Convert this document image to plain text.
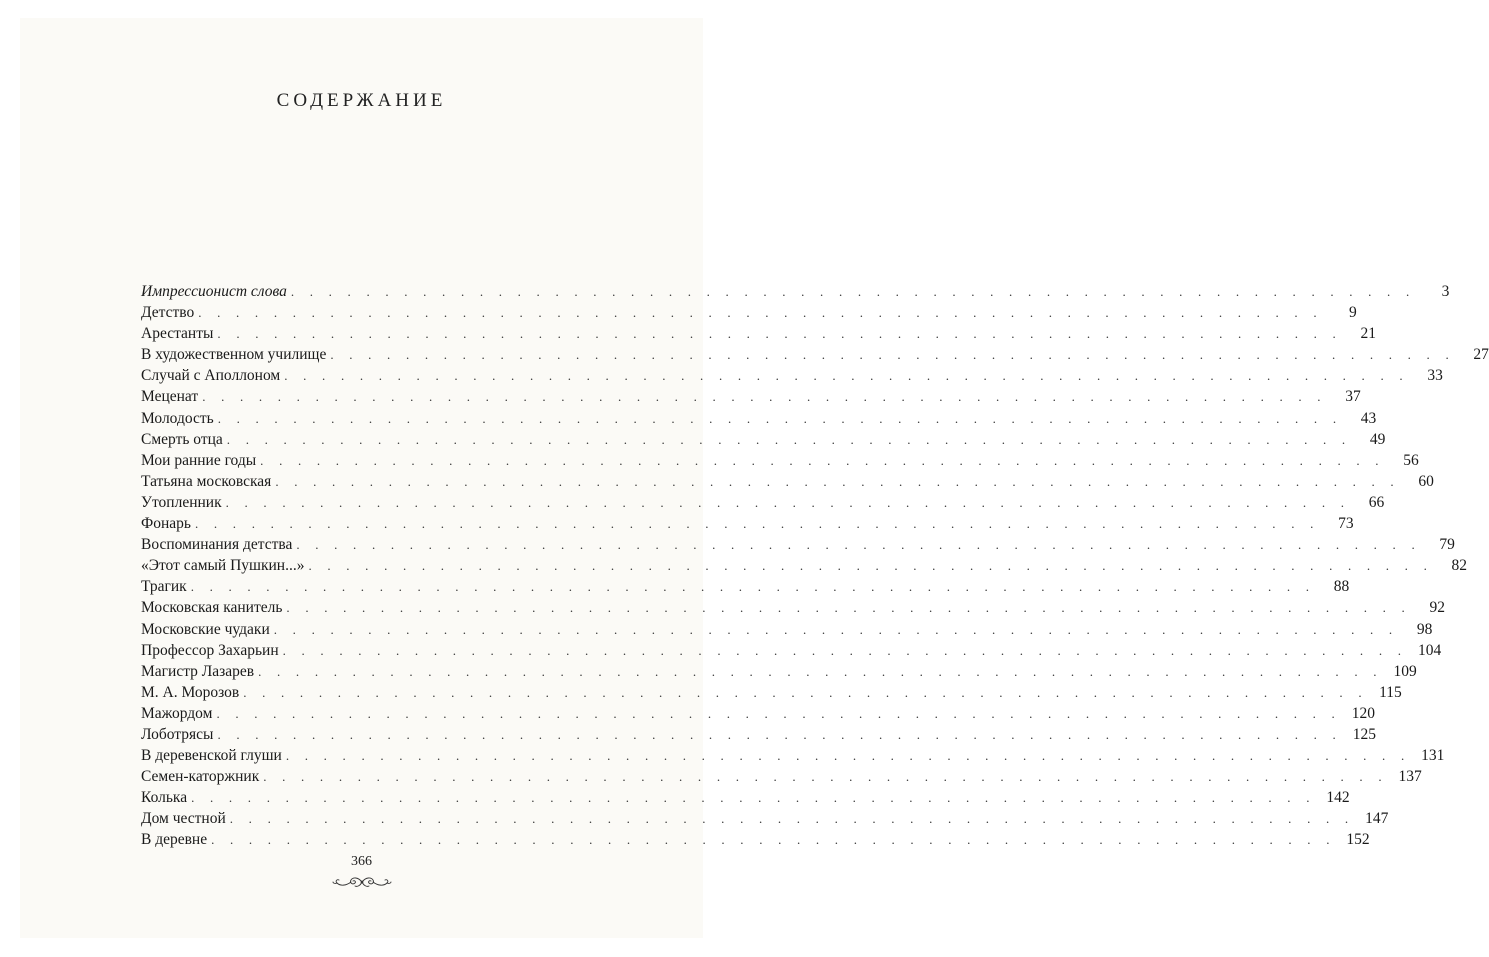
СОДЕРЖАНИЕ
Импрессионист слова . . . . . . . . . . . . . . . . . . . . . . . . . . . . . . . . . . . . . . . . . . . . . . . . . . . . . . . . . . . .	3
Детство . . . . . . . . . . . . . . . . . . . . . . . . . . . . . . . . . . . . . . . . . . . . . . . . . . . . . . . . . . . .	9
Арестанты . . . . . . . . . . . . . . . . . . . . . . . . . . . . . . . . . . . . . . . . . . . . . . . . . . . . . . . . . . . .	21
В художественном училище . . . . . . . . . . . . . . . . . . . . . . . . . . . . . . . . . . . . . . . . . . . . . . . . . . . . . . . . . . . .	27
Случай с Аполлоном . . . . . . . . . . . . . . . . . . . . . . . . . . . . . . . . . . . . . . . . . . . . . . . . . . . . . . . . . . . .	33
Меценат . . . . . . . . . . . . . . . . . . . . . . . . . . . . . . . . . . . . . . . . . . . . . . . . . . . . . . . . . . . .	37
Молодость . . . . . . . . . . . . . . . . . . . . . . . . . . . . . . . . . . . . . . . . . . . . . . . . . . . . . . . . . . . .	43
Смерть отца . . . . . . . . . . . . . . . . . . . . . . . . . . . . . . . . . . . . . . . . . . . . . . . . . . . . . . . . . . . .	49
Мои ранние годы . . . . . . . . . . . . . . . . . . . . . . . . . . . . . . . . . . . . . . . . . . . . . . . . . . . . . . . . . . . .	56
Татьяна московская . . . . . . . . . . . . . . . . . . . . . . . . . . . . . . . . . . . . . . . . . . . . . . . . . . . . . . . . . . . .	60
Утопленник . . . . . . . . . . . . . . . . . . . . . . . . . . . . . . . . . . . . . . . . . . . . . . . . . . . . . . . . . . . .	66
Фонарь . . . . . . . . . . . . . . . . . . . . . . . . . . . . . . . . . . . . . . . . . . . . . . . . . . . . . . . . . . . .	73
Воспоминания детства . . . . . . . . . . . . . . . . . . . . . . . . . . . . . . . . . . . . . . . . . . . . . . . . . . . . . . . . . . . .	79
«Этот самый Пушкин...» . . . . . . . . . . . . . . . . . . . . . . . . . . . . . . . . . . . . . . . . . . . . . . . . . . . . . . . . . . . .	82
Трагик . . . . . . . . . . . . . . . . . . . . . . . . . . . . . . . . . . . . . . . . . . . . . . . . . . . . . . . . . . . .	88
Московская канитель . . . . . . . . . . . . . . . . . . . . . . . . . . . . . . . . . . . . . . . . . . . . . . . . . . . . . . . . . . . .	92
Московские чудаки . . . . . . . . . . . . . . . . . . . . . . . . . . . . . . . . . . . . . . . . . . . . . . . . . . . . . . . . . . . .	98
Профессор Захарьин . . . . . . . . . . . . . . . . . . . . . . . . . . . . . . . . . . . . . . . . . . . . . . . . . . . . . . . . . . . . 104
Магистр Лазарев . . . . . . . . . . . . . . . . . . . . . . . . . . . . . . . . . . . . . . . . . . . . . . . . . . . . . . . . . . . . 109
М. А. Морозов . . . . . . . . . . . . . . . . . . . . . . . . . . . . . . . . . . . . . . . . . . . . . . . . . . . . . . . . . . . . 115
Мажордом . . . . . . . . . . . . . . . . . . . . . . . . . . . . . . . . . . . . . . . . . . . . . . . . . . . . . . . . . . . . 120
Лоботрясы . . . . . . . . . . . . . . . . . . . . . . . . . . . . . . . . . . . . . . . . . . . . . . . . . . . . . . . . . . . . 125
В деревенской глуши . . . . . . . . . . . . . . . . . . . . . . . . . . . . . . . . . . . . . . . . . . . . . . . . . . . . . . . . . . . . 131
Семен-каторжник . . . . . . . . . . . . . . . . . . . . . . . . . . . . . . . . . . . . . . . . . . . . . . . . . . . . . . . . . . . . 137
Колька . . . . . . . . . . . . . . . . . . . . . . . . . . . . . . . . . . . . . . . . . . . . . . . . . . . . . . . . . . . . 142
Дом честной . . . . . . . . . . . . . . . . . . . . . . . . . . . . . . . . . . . . . . . . . . . . . . . . . . . . . . . . . . . . 147
В деревне . . . . . . . . . . . . . . . . . . . . . . . . . . . . . . . . . . . . . . . . . . . . . . . . . . . . . . . . . . . . 152
366
